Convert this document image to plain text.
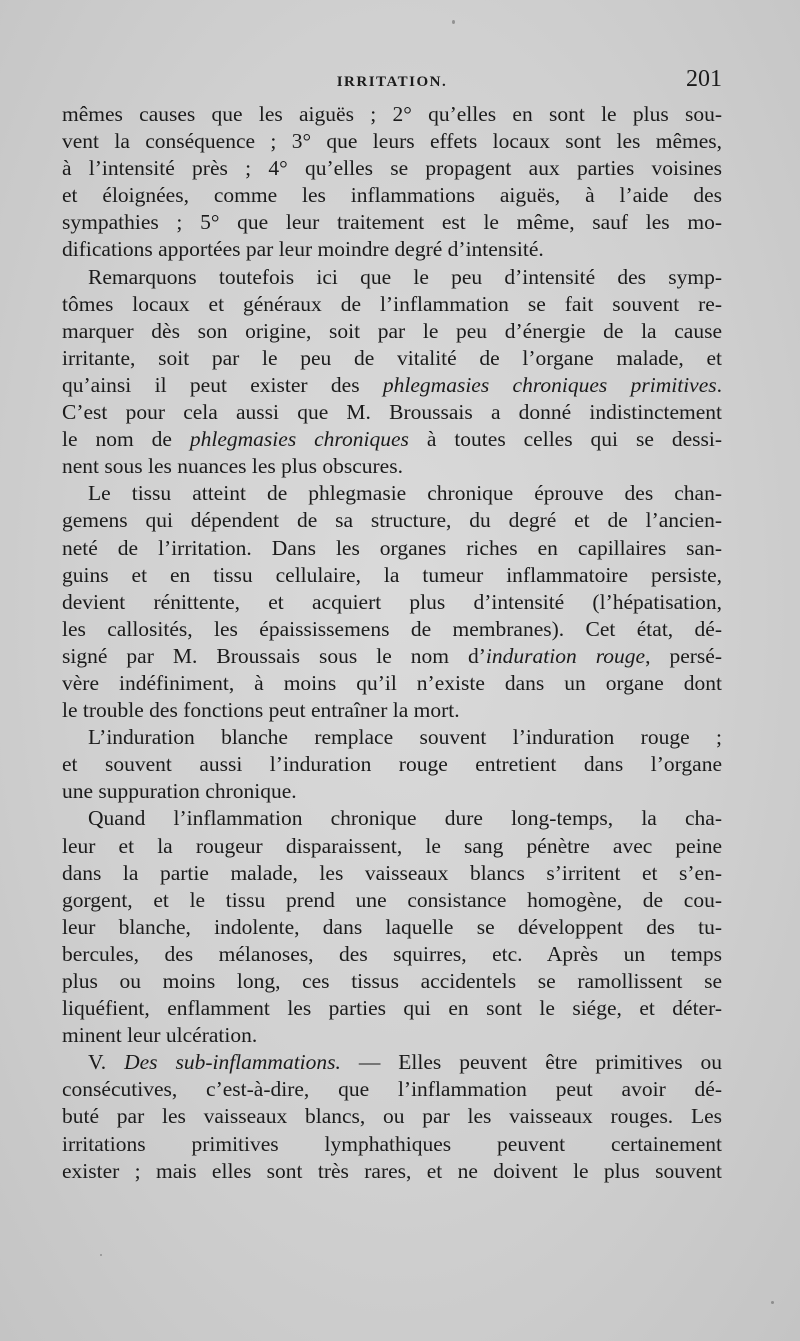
IRRITATION.	201
mêmes causes que les aiguës ; 2° qu’elles en sont le plus sou-
vent la conséquence ; 3° que leurs effets locaux sont les mêmes,
à l’intensité près ; 4° qu’elles se propagent aux parties voisines
et éloignées, comme les inflammations aiguës, à l’aide des
sympathies ; 5° que leur traitement est le même, sauf les mo-
difications apportées par leur moindre degré d’intensité.
Remarquons toutefois ici que le peu d’intensité des symp-
tômes locaux et généraux de l’inflammation se fait souvent re-
marquer dès son origine, soit par le peu d’énergie de la cause
irritante, soit par le peu de vitalité de l’organe malade, et
qu’ainsi il peut exister des phlegmasies chroniques primitives.
C’est pour cela aussi que M. Broussais a donné indistinctement
le nom de phlegmasies chroniques à toutes celles qui se dessi-
nent sous les nuances les plus obscures.
Le tissu atteint de phlegmasie chronique éprouve des chan-
gemens qui dépendent de sa structure, du degré et de l’ancien-
neté de l’irritation. Dans les organes riches en capillaires san-
guins et en tissu cellulaire, la tumeur inflammatoire persiste,
devient rénittente, et acquiert plus d’intensité (l’hépatisation,
les callosités, les épaississemens de membranes). Cet état, dé-
signé par M. Broussais sous le nom d’induration rouge, persé-
vère indéfiniment, à moins qu’il n’existe dans un organe dont
le trouble des fonctions peut entraîner la mort.
L’induration blanche remplace souvent l’induration rouge ;
et souvent aussi l’induration rouge entretient dans l’organe
une suppuration chronique.
Quand l’inflammation chronique dure long-temps, la cha-
leur et la rougeur disparaissent, le sang pénètre avec peine
dans la partie malade, les vaisseaux blancs s’irritent et s’en-
gorgent, et le tissu prend une consistance homogène, de cou-
leur blanche, indolente, dans laquelle se développent des tu-
bercules, des mélanoses, des squirres, etc. Après un temps
plus ou moins long, ces tissus accidentels se ramollissent se
liquéfient, enflamment les parties qui en sont le siége, et déter-
minent leur ulcération.
V. Des sub-inflammations. — Elles peuvent être primitives ou
consécutives, c’est-à-dire, que l’inflammation peut avoir dé-
buté par les vaisseaux blancs, ou par les vaisseaux rouges. Les
irritations primitives lymphathiques peuvent certainement
exister ; mais elles sont très rares, et ne doivent le plus souvent
